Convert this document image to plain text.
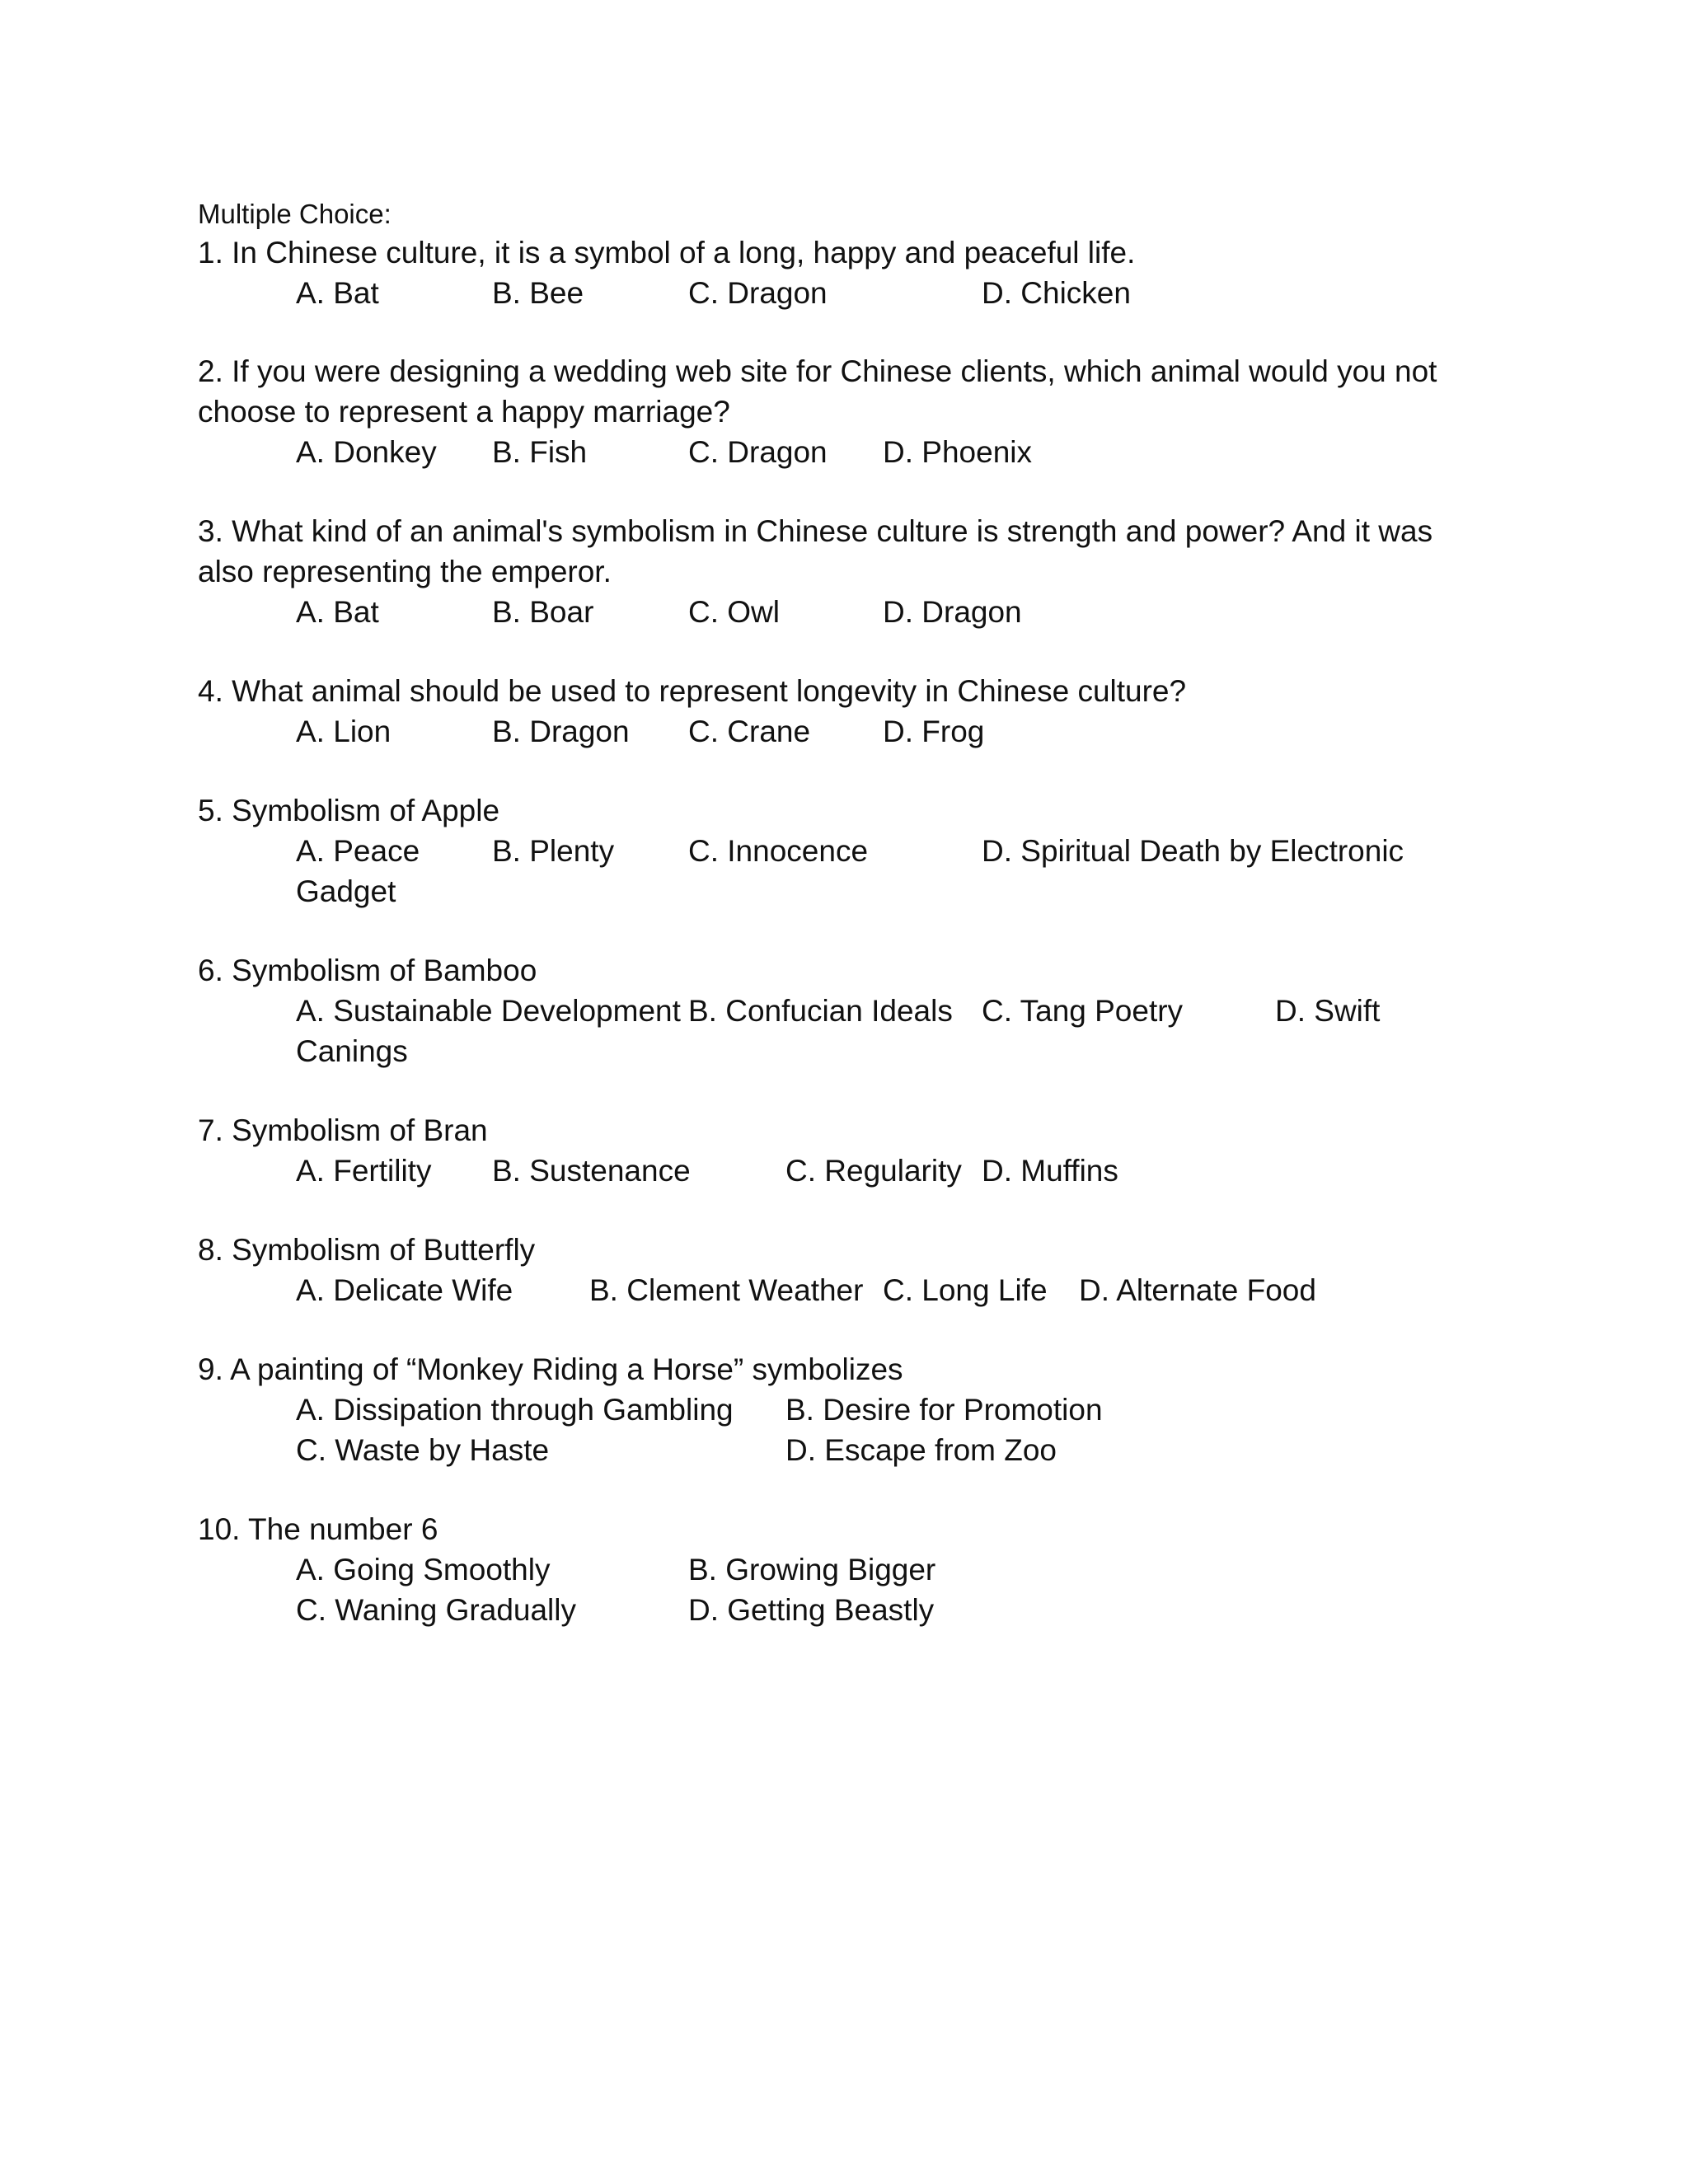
Multiple Choice:
1. In Chinese culture, it is a symbol of a long, happy and peaceful life.
A. Bat	B. Bee	C. Dragon	D. Chicken
2. If you were designing a wedding web site for Chinese clients, which animal would you not
choose to represent a happy marriage?
A. Donkey B. Fish	C. Dragon D. Phoenix
3. What kind of an animal's symbolism in Chinese culture is strength and power? And it was
also representing the emperor.
A. Bat	B. Boar	C. Owl	D. Dragon
4. What animal should be used to represent longevity in Chinese culture?
A. Lion	B. Dragon C. Crane D. Frog
5. Symbolism of Apple
A. Peace B. Plenty C. Innocence	D. Spiritual Death by Electronic
Gadget
6. Symbolism of Bamboo
A. Sustainable Development B. Confucian Ideals C. Tang Poetry	D. Swift
Canings
7. Symbolism of Bran
A. Fertility B. Sustenance	C. Regularity D. Muffins
8. Symbolism of Butterfly
A. Delicate Wife	B. Clement Weather C. Long Life D. Alternate Food
9. A painting of “Monkey Riding a Horse” symbolizes
A. Dissipation through Gambling B. Desire for Promotion
C. Waste by Haste	D. Escape from Zoo
10. The number 6
A. Going Smoothly	B. Growing Bigger
C. Waning Gradually	D. Getting Beastly
